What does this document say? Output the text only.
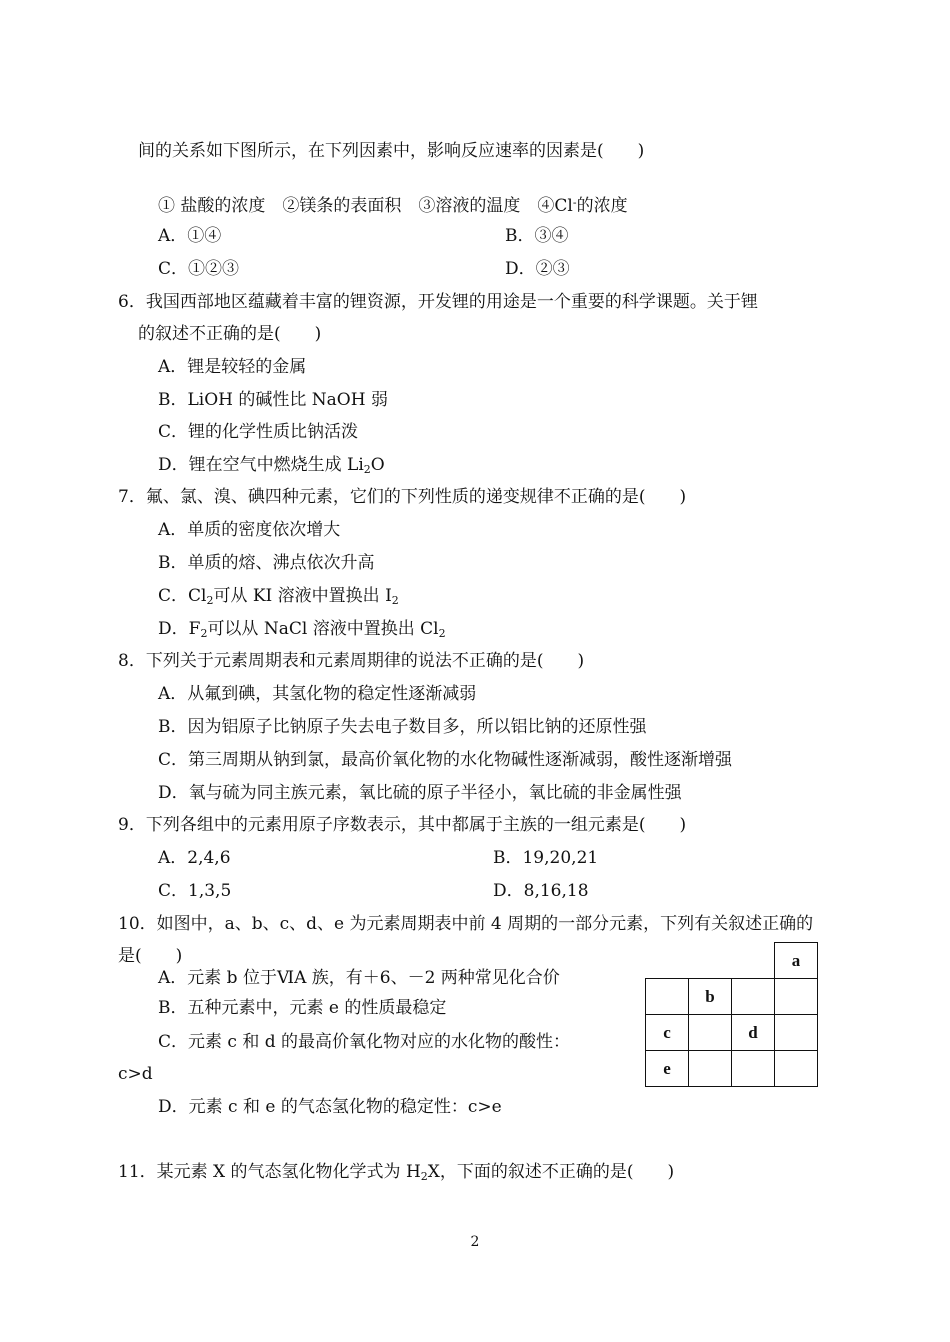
间的关系如下图所示，在下列因素中，影响反应速率的因素是(　　)
① 盐酸的浓度　②镁条的表面积　③溶液的温度　④Cl-的浓度
A．①④	B．③④
C．①②③	D．②③
6．我国西部地区蕴藏着丰富的锂资源，开发锂的用途是一个重要的科学课题。关于锂
的叙述不正确的是(　　)
A．锂是较轻的金属
B．LiOH 的碱性比 NaOH 弱
C．锂的化学性质比钠活泼
D．锂在空气中燃烧生成 $Li_2O$
7．氟、氯、溴、碘四种元素，它们的下列性质的递变规律不正确的是(　　)
A．单质的密度依次增大
B．单质的熔、沸点依次升高
C．$Cl_2$可从 KI 溶液中置换出 $I_2$
D．$F_2$可以从 NaCl 溶液中置换出 $Cl_2$
8．下列关于元素周期表和元素周期律的说法不正确的是(　　)
A．从氟到碘，其氢化物的稳定性逐渐减弱
B．因为铝原子比钠原子失去电子数目多，所以铝比钠的还原性强
C．第三周期从钠到氯，最高价氧化物的水化物碱性逐渐减弱，酸性逐渐增强
D．氧与硫为同主族元素，氧比硫的原子半径小，氧比硫的非金属性强
9．下列各组中的元素用原子序数表示，其中都属于主族的一组元素是(　　)
A．2,4,6	B．19,20,21
C．1,3,5	D．8,16,18
10．如图中，a、b、c、d、e 为元素周期表中前 4 周期的一部分元素，下列有关叙述正确的
是(　　)
A．元素 b 位于ⅥA 族，有＋6、－2 两种常见化合价
B．五种元素中，元素 e 的性质最稳定
C．元素 c 和 d 的最高价氧化物对应的水化物的酸性：
c>d
D．元素 c 和 e 的气态氢化物的稳定性：c>e
			a
	b		
c		d	
e			
11．某元素 X 的气态氢化物化学式为 $H_2X$，下面的叙述不正确的是(　　)
2
